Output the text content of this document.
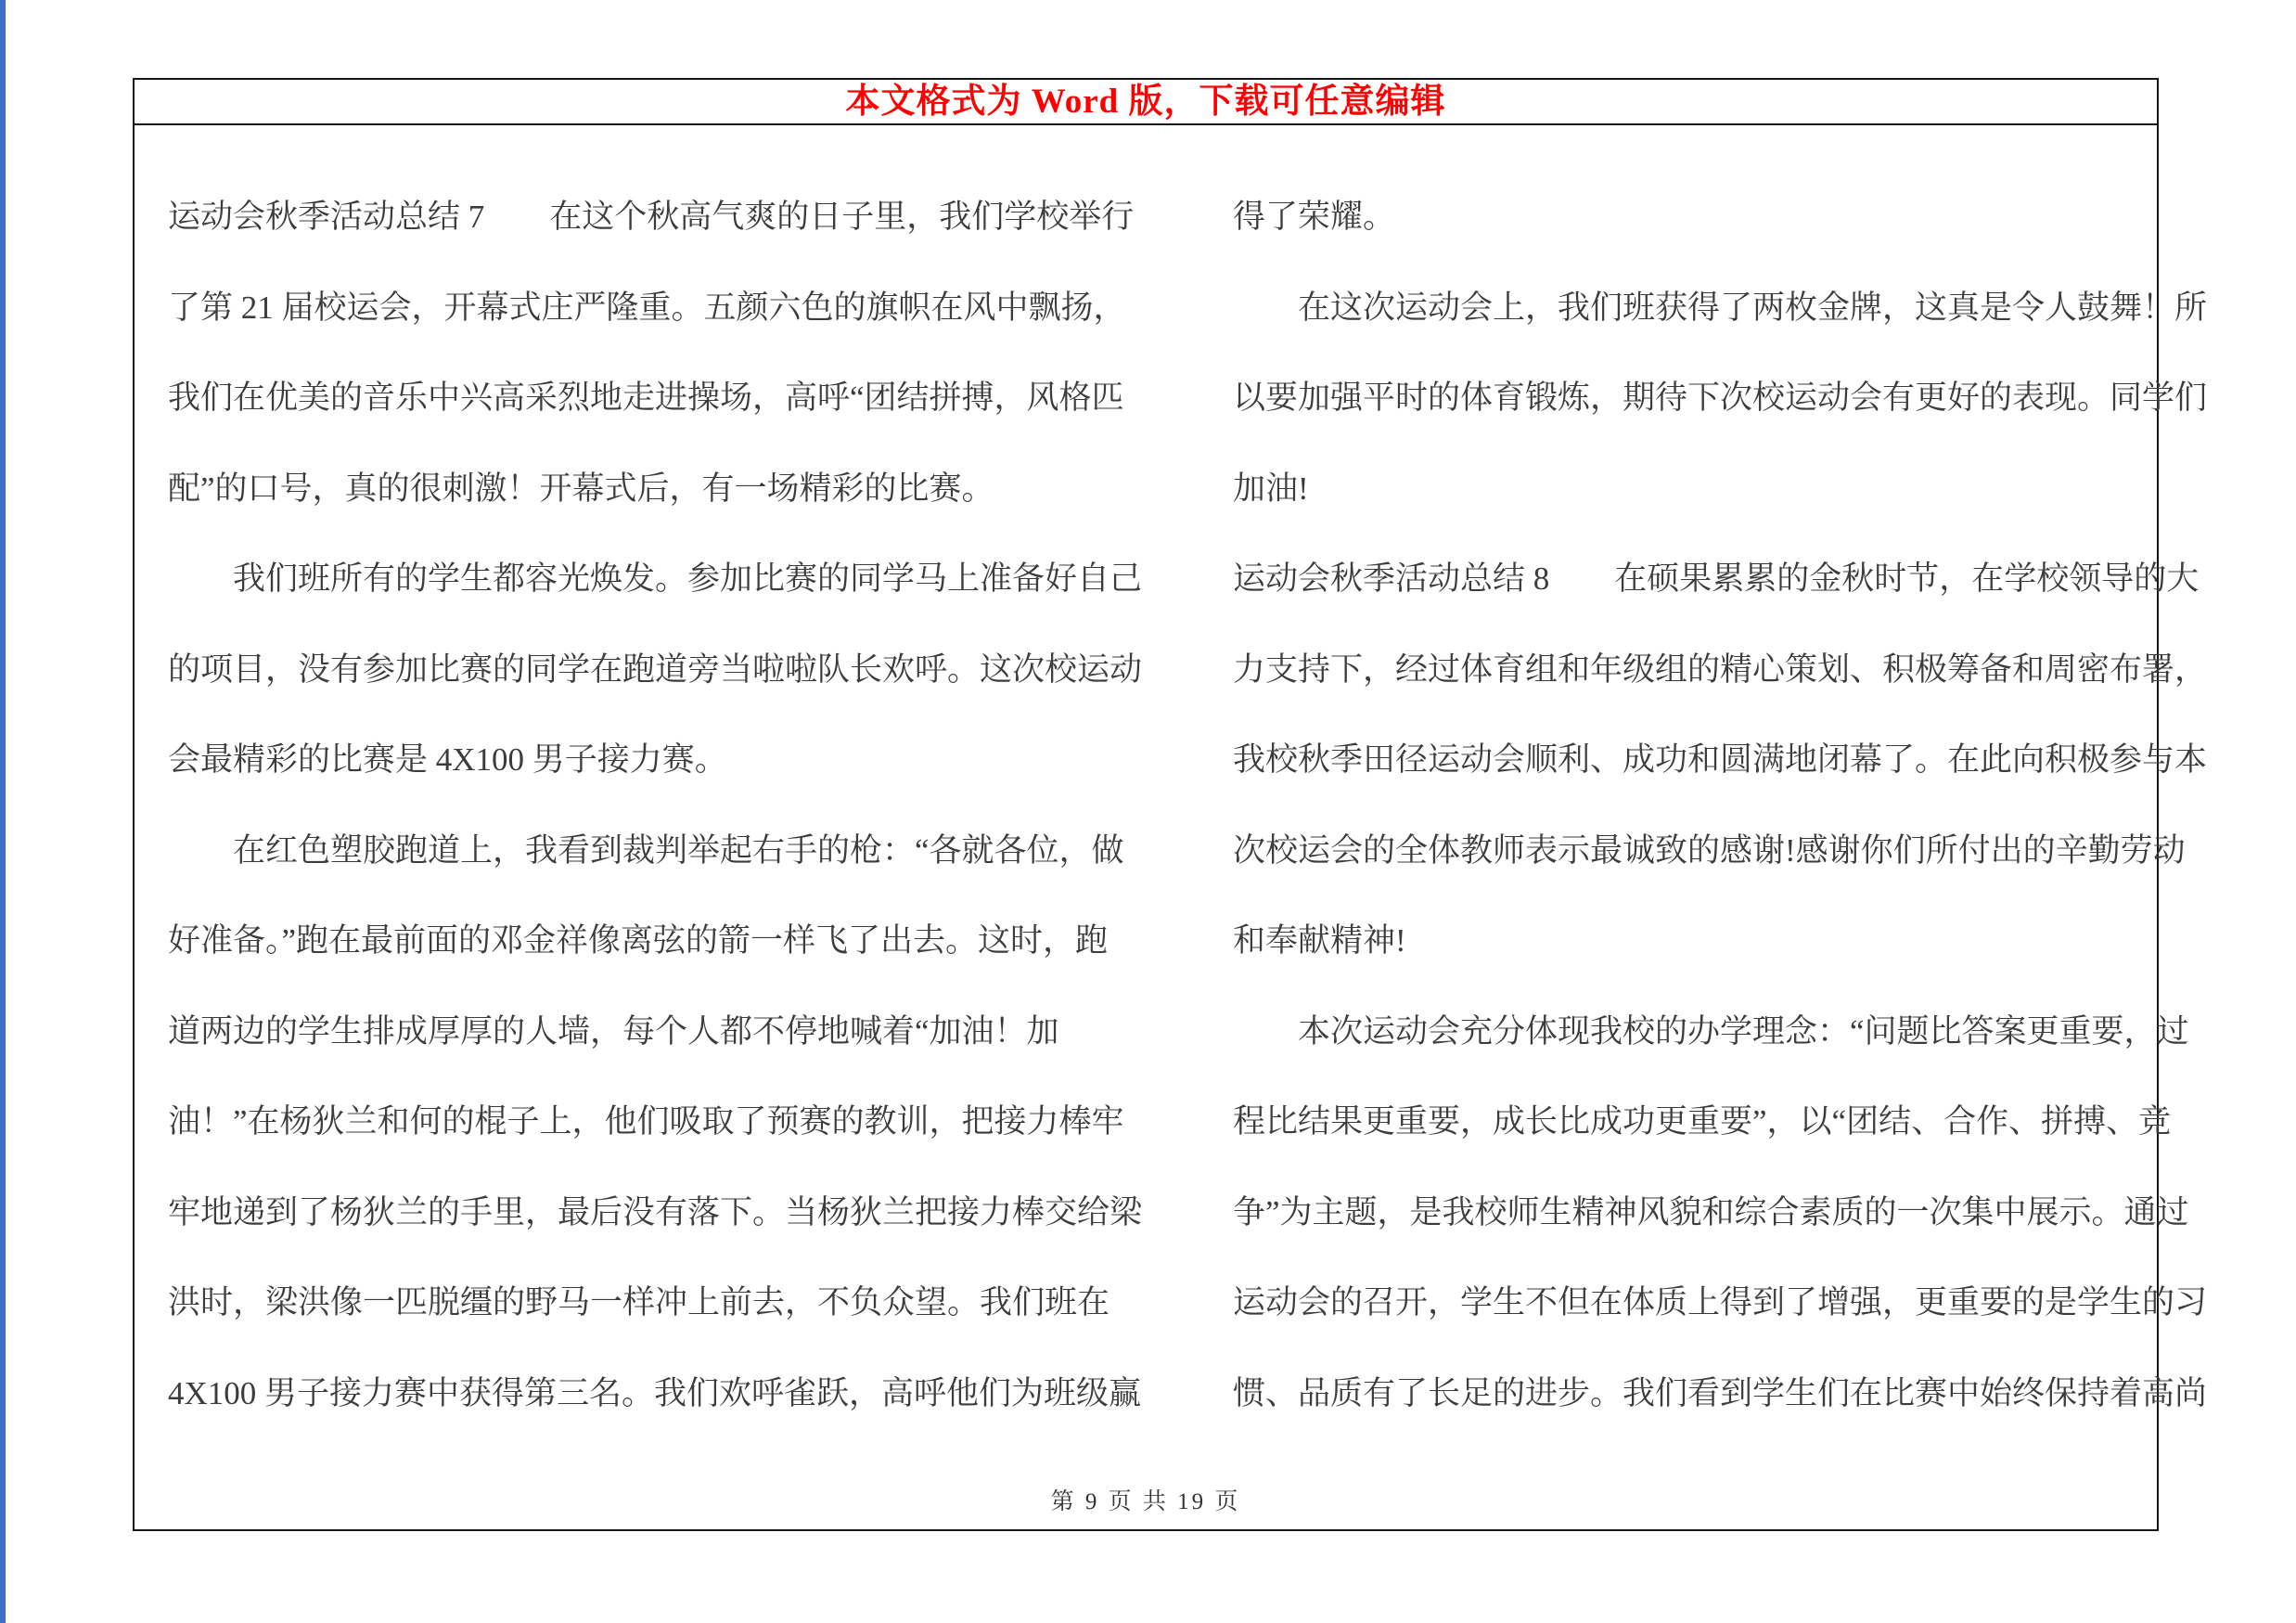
本文格式为 Word 版，下载可任意编辑
运动会秋季活动总结 7　　在这个秋高气爽的日子里，我们学校举行
了第 21 届校运会，开幕式庄严隆重。五颜六色的旗帜在风中飘扬，
我们在优美的音乐中兴高采烈地走进操场，高呼“团结拼搏，风格匹
配”的口号，真的很刺激！开幕式后，有一场精彩的比赛。
　　我们班所有的学生都容光焕发。参加比赛的同学马上准备好自己
的项目，没有参加比赛的同学在跑道旁当啦啦队长欢呼。这次校运动
会最精彩的比赛是 4X100 男子接力赛。
　　在红色塑胶跑道上，我看到裁判举起右手的枪：“各就各位，做
好准备。”跑在最前面的邓金祥像离弦的箭一样飞了出去。这时，跑
道两边的学生排成厚厚的人墙，每个人都不停地喊着“加油！加
油！”在杨狄兰和何的棍子上，他们吸取了预赛的教训，把接力棒牢
牢地递到了杨狄兰的手里，最后没有落下。当杨狄兰把接力棒交给梁
洪时，梁洪像一匹脱缰的野马一样冲上前去，不负众望。我们班在
4X100 男子接力赛中获得第三名。我们欢呼雀跃，高呼他们为班级赢
得了荣耀。
　　在这次运动会上，我们班获得了两枚金牌，这真是令人鼓舞！所
以要加强平时的体育锻炼，期待下次校运动会有更好的表现。同学们
加油!
运动会秋季活动总结 8　　在硕果累累的金秋时节，在学校领导的大
力支持下，经过体育组和年级组的精心策划、积极筹备和周密布署，
我校秋季田径运动会顺利、成功和圆满地闭幕了。在此向积极参与本
次校运会的全体教师表示最诚致的感谢!感谢你们所付出的辛勤劳动
和奉献精神!
　　本次运动会充分体现我校的办学理念：“问题比答案更重要，过
程比结果更重要，成长比成功更重要”，以“团结、合作、拼搏、竞
争”为主题，是我校师生精神风貌和综合素质的一次集中展示。通过
运动会的召开，学生不但在体质上得到了增强，更重要的是学生的习
惯、品质有了长足的进步。我们看到学生们在比赛中始终保持着高尚
第 9 页 共 19 页
